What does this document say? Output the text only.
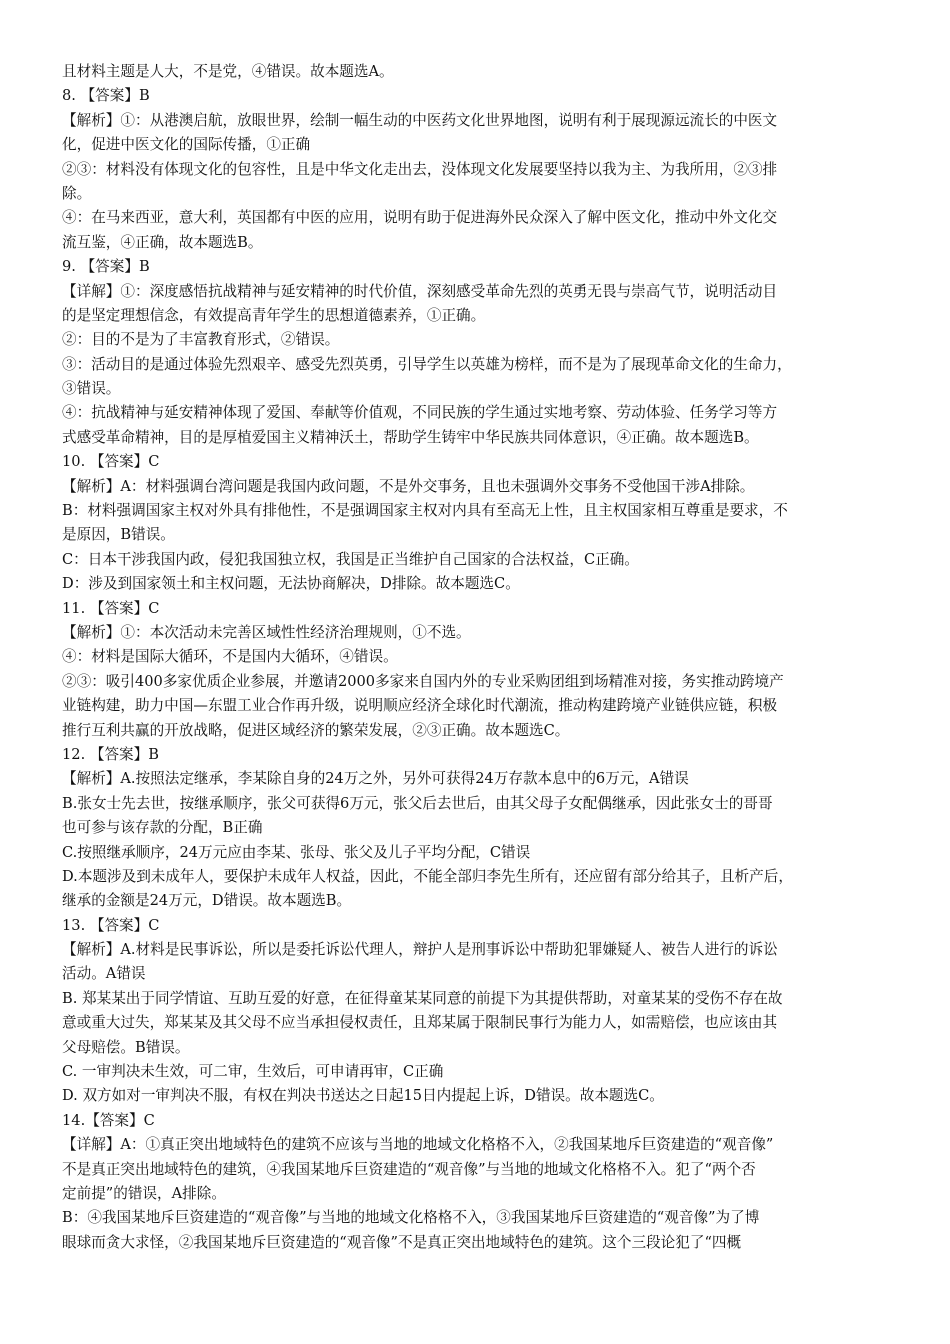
且材料主题是人大，不是党，④错误。故本题选A。
8. 【答案】B
【解析】①：从港澳启航，放眼世界，绘制一幅生动的中医药文化世界地图，说明有利于展现源远流长的中医文
化，促进中医文化的国际传播，①正确
②③：材料没有体现文化的包容性，且是中华文化走出去，没体现文化发展要坚持以我为主、为我所用，②③排
除。
④：在马来西亚，意大利，英国都有中医的应用，说明有助于促进海外民众深入了解中医文化，推动中外文化交
流互鉴，④正确，故本题选B。
9. 【答案】B
【详解】①：深度感悟抗战精神与延安精神的时代价值，深刻感受革命先烈的英勇无畏与崇高气节，说明活动目
的是坚定理想信念，有效提高青年学生的思想道德素养，①正确。
②：目的不是为了丰富教育形式，②错误。
③：活动目的是通过体验先烈艰辛、感受先烈英勇，引导学生以英雄为榜样，而不是为了展现革命文化的生命力，
③错误。
④：抗战精神与延安精神体现了爱国、奉献等价值观，不同民族的学生通过实地考察、劳动体验、任务学习等方
式感受革命精神，目的是厚植爱国主义精神沃土，帮助学生铸牢中华民族共同体意识，④正确。故本题选B。
10. 【答案】C
【解析】A：材料强调台湾问题是我国内政问题，不是外交事务，且也未强调外交事务不受他国干涉A排除。
B：材料强调国家主权对外具有排他性，不是强调国家主权对内具有至高无上性，且主权国家相互尊重是要求，不
是原因，B错误。
C：日本干涉我国内政，侵犯我国独立权，我国是正当维护自己国家的合法权益，C正确。
D：涉及到国家领土和主权问题，无法协商解决，D排除。故本题选C。
11. 【答案】C
【解析】①：本次活动未完善区域性性经济治理规则，①不选。
④：材料是国际大循环，不是国内大循环，④错误。
②③：吸引400多家优质企业参展，并邀请2000多家来自国内外的专业采购团组到场精准对接，务实推动跨境产
业链构建，助力中国—东盟工业合作再升级，说明顺应经济全球化时代潮流，推动构建跨境产业链供应链，积极
推行互利共赢的开放战略，促进区域经济的繁荣发展，②③正确。故本题选C。
12. 【答案】B
【解析】A.按照法定继承，李某除自身的24万之外，另外可获得24万存款本息中的6万元，A错误
B.张女士先去世，按继承顺序，张父可获得6万元，张父后去世后，由其父母子女配偶继承，因此张女士的哥哥
也可参与该存款的分配，B正确
C.按照继承顺序，24万元应由李某、张母、张父及儿子平均分配，C错误
D.本题涉及到未成年人，要保护未成年人权益，因此，不能全部归李先生所有，还应留有部分给其子，且析产后，
继承的金额是24万元，D错误。故本题选B。
13. 【答案】C
【解析】A.材料是民事诉讼，所以是委托诉讼代理人，辩护人是刑事诉讼中帮助犯罪嫌疑人、被告人进行的诉讼
活动。A错误
B. 郑某某出于同学情谊、互助互爱的好意，在征得童某某同意的前提下为其提供帮助，对童某某的受伤不存在故
意或重大过失，郑某某及其父母不应当承担侵权责任，且郑某属于限制民事行为能力人，如需赔偿，也应该由其
父母赔偿。B错误。
C. 一审判决未生效，可二审，生效后，可申请再审，C正确
D. 双方如对一审判决不服，有权在判决书送达之日起15日内提起上诉，D错误。故本题选C。
14.【答案】C
【详解】A：①真正突出地域特色的建筑不应该与当地的地域文化格格不入，②我国某地斥巨资建造的“观音像”
不是真正突出地域特色的建筑，④我国某地斥巨资建造的“观音像”与当地的地域文化格格不入。犯了“两个否
定前提”的错误，A排除。
B：④我国某地斥巨资建造的“观音像”与当地的地域文化格格不入，③我国某地斥巨资建造的“观音像”为了博
眼球而贪大求怪，②我国某地斥巨资建造的“观音像”不是真正突出地域特色的建筑。这个三段论犯了“四概
